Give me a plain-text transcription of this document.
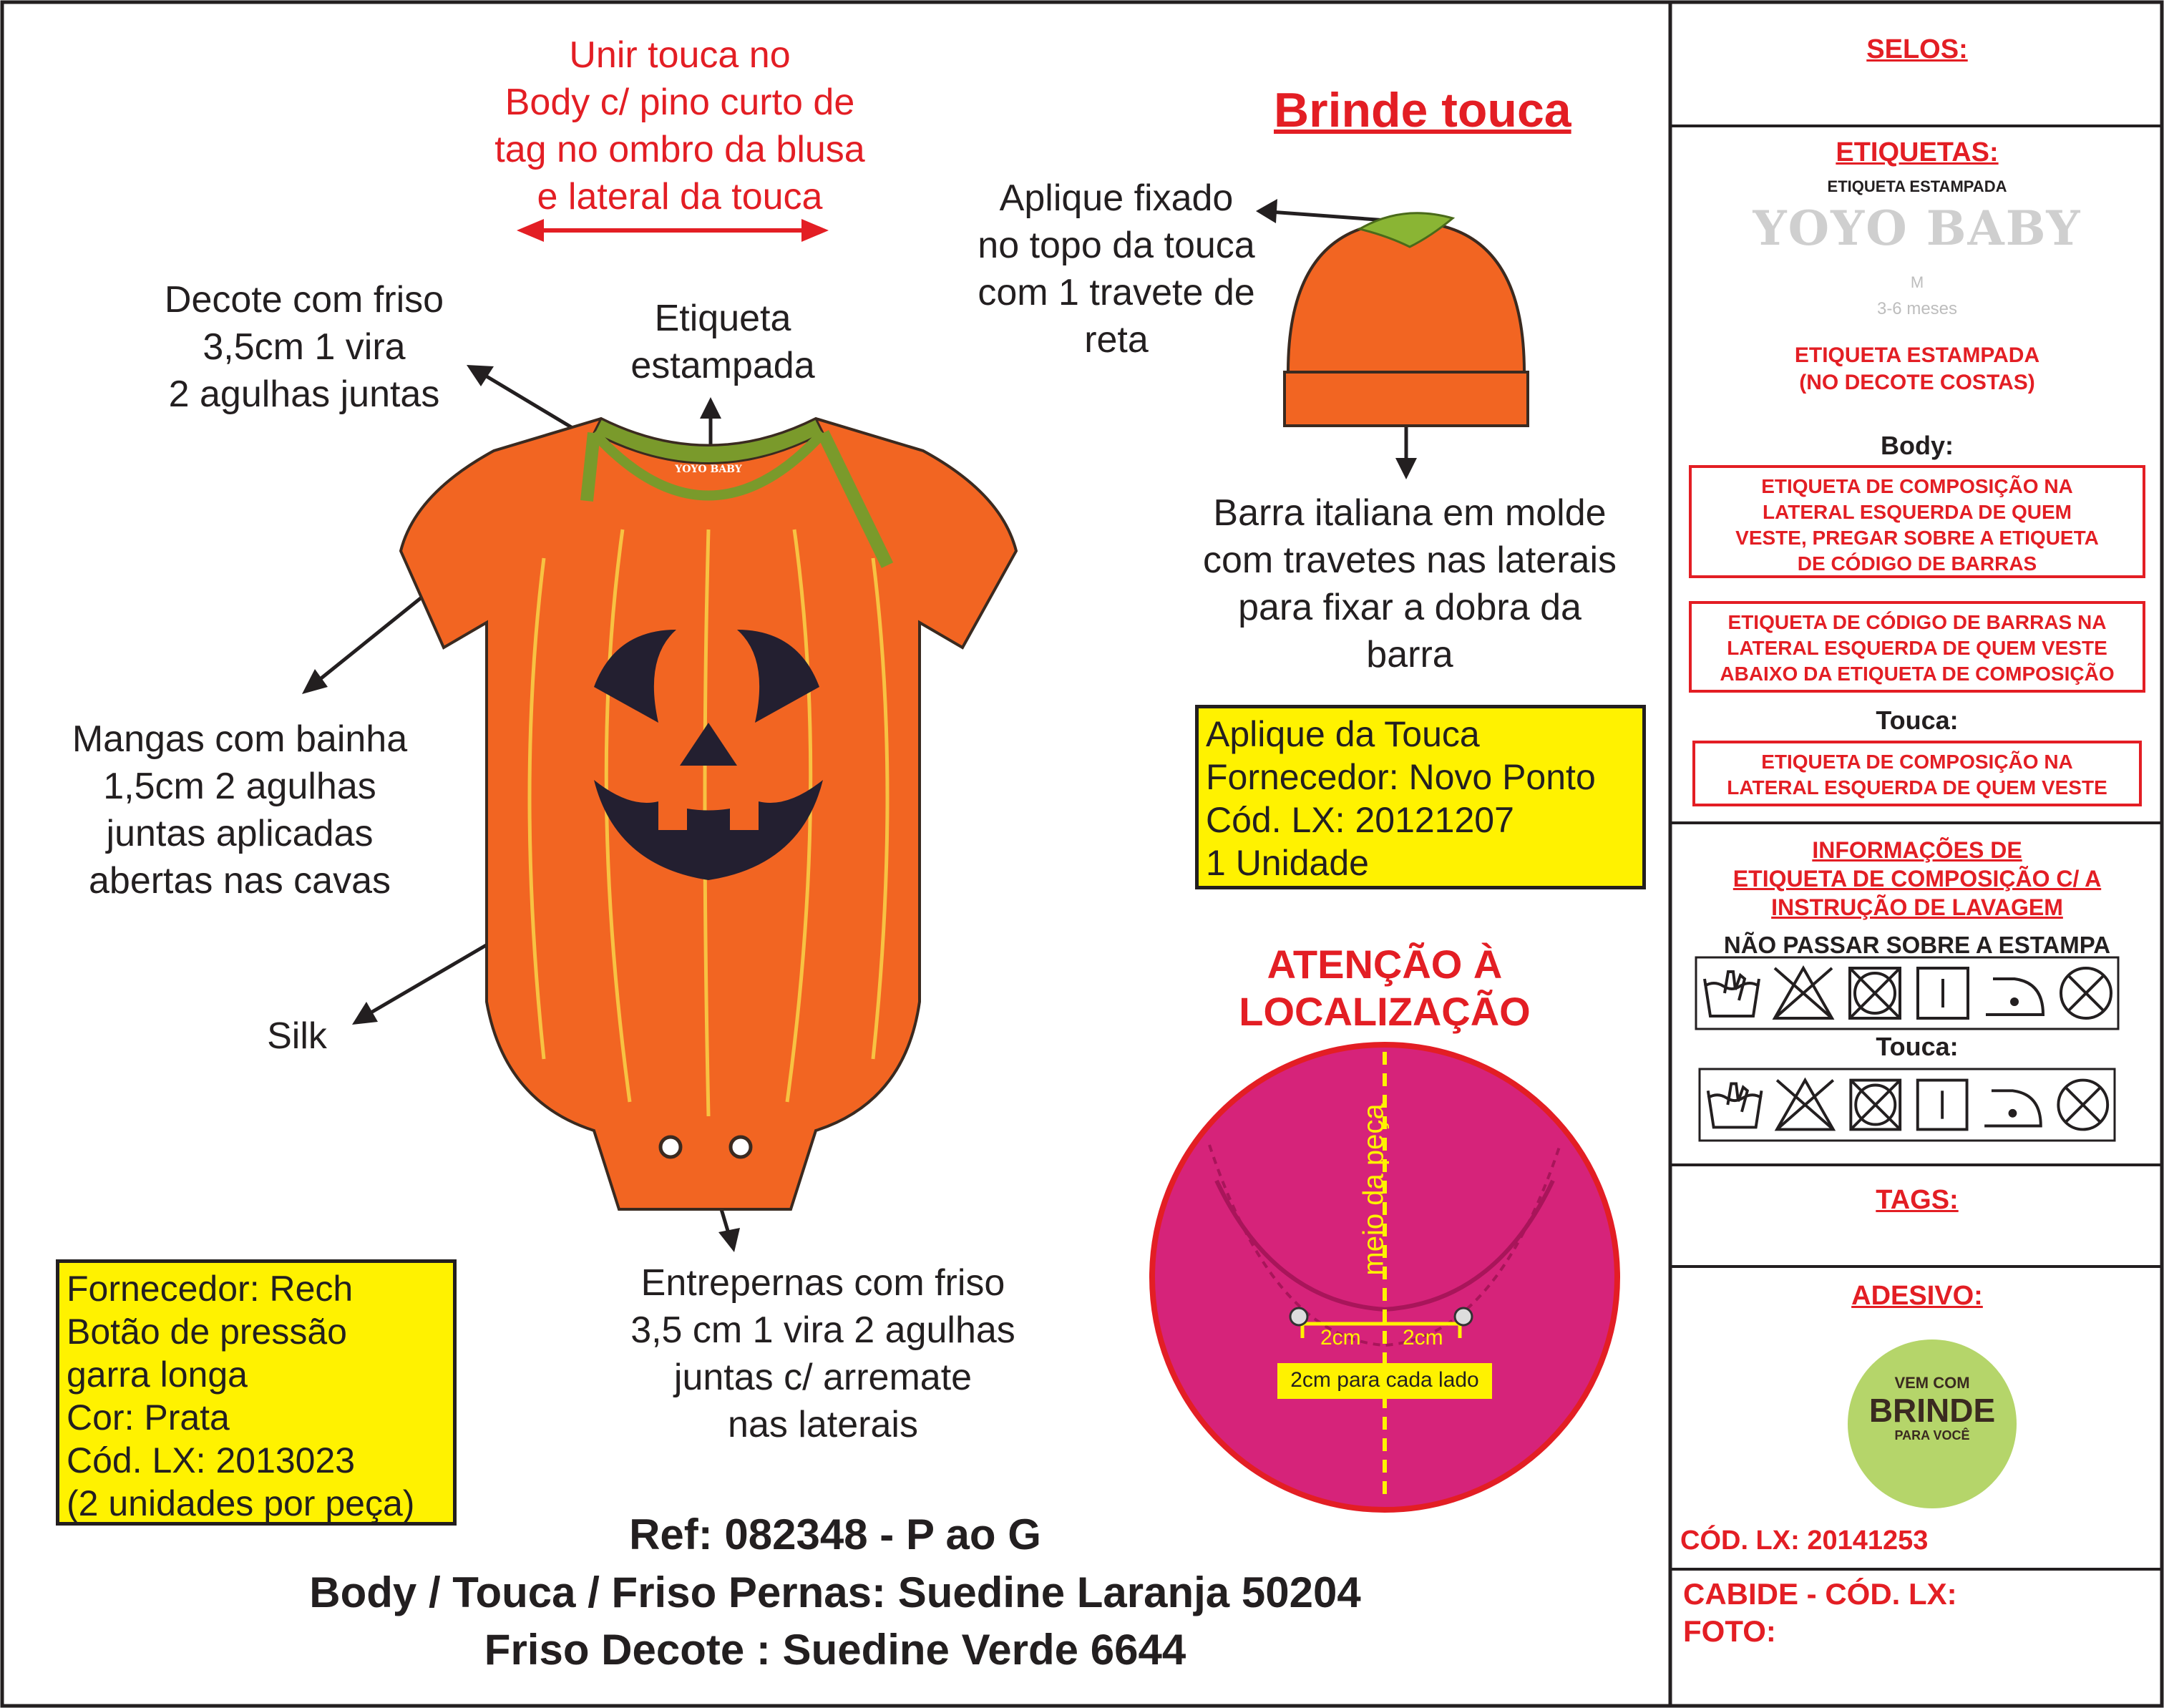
Unir touca no
Body c/ pino curto de
tag no ombro da blusa
e lateral da touca
Brinde touca
Aplique fixado
no topo da touca
com 1 travete de
reta
Decote com friso
3,5cm 1 vira
2 agulhas juntas
Etiqueta
estampada
YOYO BABY
Barra italiana em molde
com travetes nas laterais
para fixar a dobra da
barra
Mangas com bainha
1,5cm 2 agulhas
juntas aplicadas
abertas nas cavas
Silk
Entrepernas com friso
3,5 cm 1 vira 2 agulhas
juntas c/ arremate
nas laterais
Aplique da Touca
Fornecedor: Novo Ponto
Cód. LX: 20121207
1 Unidade
Fornecedor: Rech
Botão de pressão
garra longa
Cor: Prata
Cód. LX: 2013023
(2 unidades por peça)
ATENÇÃO À
LOCALIZAÇÃO
meio da peça
2cm 2cm
2cm para cada lado
Ref: 082348 - P ao G
Body / Touca / Friso Pernas: Suedine Laranja 50204
Friso Decote : Suedine Verde 6644
SELOS:
ETIQUETAS:
ETIQUETA ESTAMPADA
YOYO BABY
M
3-6 meses
ETIQUETA ESTAMPADA
(NO DECOTE COSTAS)
Body:
ETIQUETA DE COMPOSIÇÃO NA
LATERAL ESQUERDA DE QUEM
VESTE, PREGAR SOBRE A ETIQUETA
DE CÓDIGO DE BARRAS
ETIQUETA DE CÓDIGO DE BARRAS NA
LATERAL ESQUERDA DE QUEM VESTE
ABAIXO DA ETIQUETA DE COMPOSIÇÃO
Touca:
ETIQUETA DE COMPOSIÇÃO NA
LATERAL ESQUERDA DE QUEM VESTE
INFORMAÇÕES DE
ETIQUETA DE COMPOSIÇÃO C/ A
INSTRUÇÃO DE LAVAGEM
NÃO PASSAR SOBRE A ESTAMPA
Touca:
TAGS:
ADESIVO:
VEM COM
BRINDE
PARA VOCÊ
CÓD. LX: 20141253
CABIDE - CÓD. LX:
FOTO:
